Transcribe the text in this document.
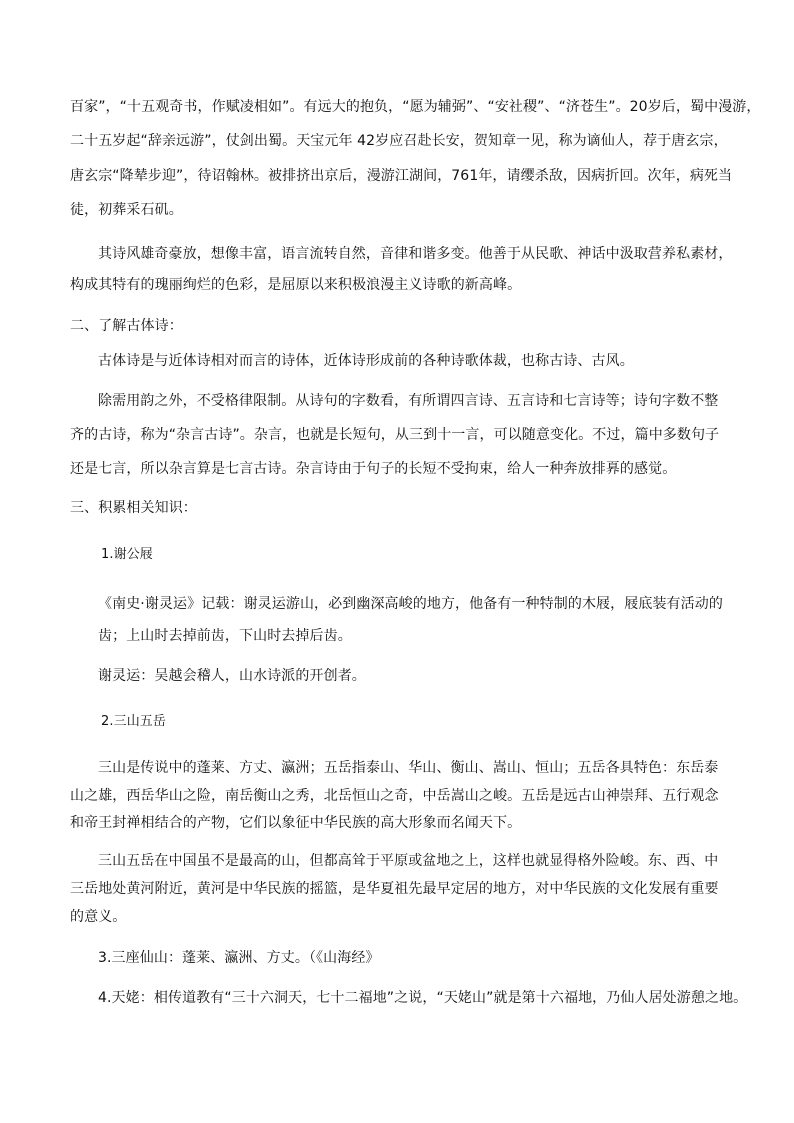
百家”，“十五观奇书，作赋凌相如”。有远大的抱负，“愿为辅弼”、“安社稷”、“济苍生”。20岁后，蜀中漫游，
二十五岁起“辞亲远游”，仗剑出蜀。天宝元年 42岁应召赴长安，贺知章一见，称为谪仙人，荐于唐玄宗，
唐玄宗“降辇步迎”，待诏翰林。被排挤出京后，漫游江湖间，761年，请缨杀敌，因病折回。次年，病死当
徒，初葬采石矶。
其诗风雄奇豪放，想像丰富，语言流转自然，音律和谐多变。他善于从民歌、神话中汲取营养私素材，
构成其特有的瑰丽绚烂的色彩，是屈原以来积极浪漫主义诗歌的新高峰。
二、了解古体诗：
古体诗是与近体诗相对而言的诗体，近体诗形成前的各种诗歌体裁，也称古诗、古风。
除需用韵之外，不受格律限制。从诗句的字数看，有所谓四言诗、五言诗和七言诗等；诗句字数不整
齐的古诗，称为“杂言古诗”。杂言，也就是长短句，从三到十一言，可以随意变化。不过，篇中多数句子
还是七言，所以杂言算是七言古诗。杂言诗由于句子的长短不受拘束，给人一种奔放排奡的感觉。
三、积累相关知识：
1.谢公屐
《南史·谢灵运》记载：谢灵运游山，必到幽深高峻的地方，他备有一种特制的木屐，屐底装有活动的
齿；上山时去掉前齿，下山时去掉后齿。
谢灵运：吴越会稽人，山水诗派的开创者。
2.三山五岳
三山是传说中的蓬莱、方丈、瀛洲；五岳指泰山、华山、衡山、嵩山、恒山；五岳各具特色：东岳泰
山之雄，西岳华山之险，南岳衡山之秀，北岳恒山之奇，中岳嵩山之峻。五岳是远古山神崇拜、五行观念
和帝王封禅相结合的产物，它们以象征中华民族的高大形象而名闻天下。
三山五岳在中国虽不是最高的山，但都高耸于平原或盆地之上，这样也就显得格外险峻。东、西、中
三岳地处黄河附近，黄河是中华民族的摇篮，是华夏祖先最早定居的地方，对中华民族的文化发展有重要
的意义。
3.三座仙山：蓬莱、瀛洲、方丈。（《山海经》
4.天姥：相传道教有“三十六洞天，七十二福地”之说，“天姥山”就是第十六福地，乃仙人居处游憩之地。
